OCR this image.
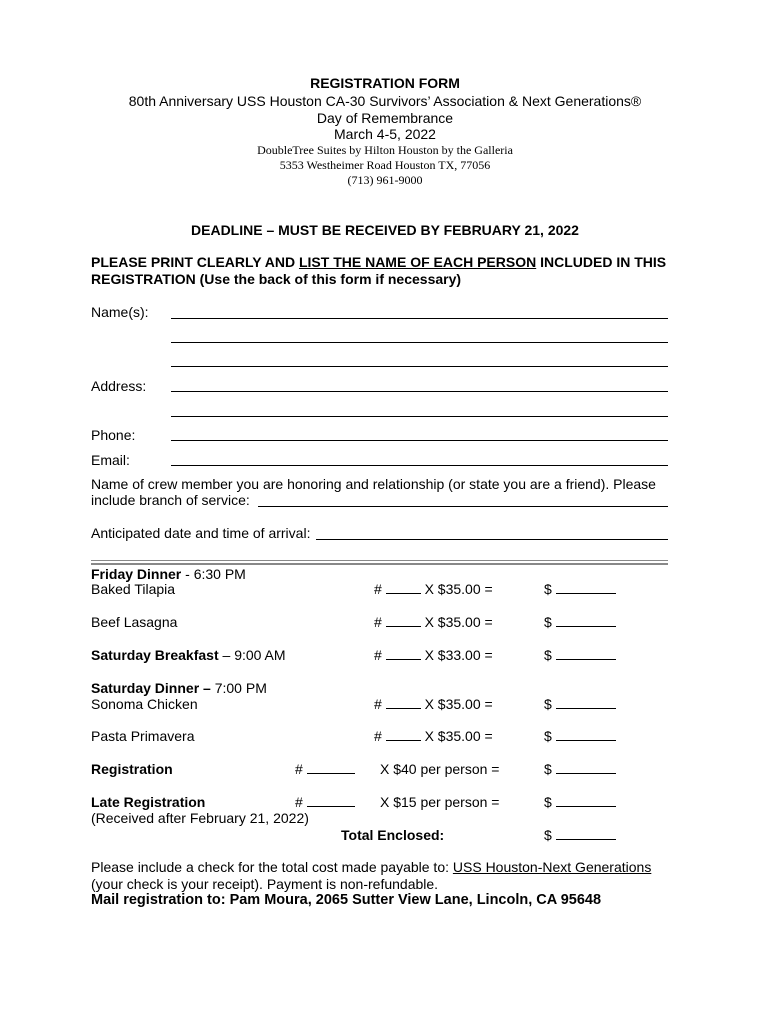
REGISTRATION FORM
80th Anniversary USS Houston CA-30 Survivors’ Association & Next Generations®
Day of Remembrance
March 4-5, 2022
DoubleTree Suites by Hilton Houston by the Galleria
5353 Westheimer Road Houston TX, 77056
(713) 961-9000
DEADLINE – MUST BE RECEIVED BY FEBRUARY 21, 2022
PLEASE PRINT CLEARLY AND LIST THE NAME OF EACH PERSON INCLUDED IN THIS
REGISTRATION (Use the back of this form if necessary)
Name(s):
Address:
Phone:
Email:
Name of crew member you are honoring and relationship (or state you are a friend). Please
include branch of service:
Anticipated date and time of arrival:
Friday Dinner - 6:30 PM
Baked Tilapia	#	X $35.00 =	$
Beef Lasagna	#	X $35.00 =	$
Saturday Breakfast – 9:00 AM	#	X $33.00 =	$
Saturday Dinner – 7:00 PM
Sonoma Chicken	#	X $35.00 =	$
Pasta Primavera	#	X $35.00 =	$
Registration	#	X $40 per person =	$
Late Registration	#	X $15 per person =	$
(Received after February 21, 2022)
Total Enclosed:	$
Please include a check for the total cost made payable to: USS Houston-Next Generations
(your check is your receipt). Payment is non-refundable.
Mail registration to: Pam Moura, 2065 Sutter View Lane, Lincoln, CA 95648
